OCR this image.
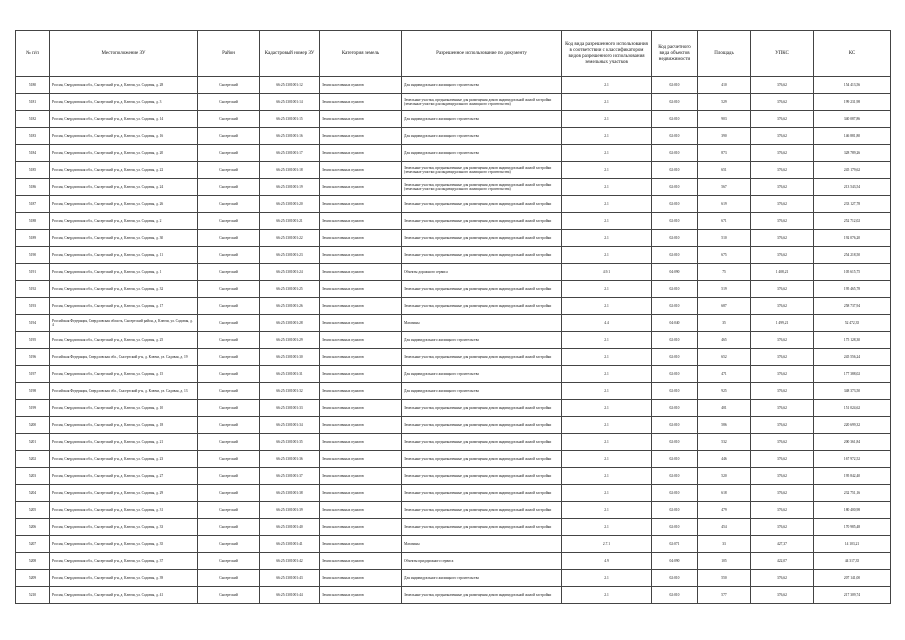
№ п/п	Местоположение ЗУ	Район	Кадастровый номер ЗУ	Категория земель	Разрешенное использование по документу	Код вида разрешенного использования в соответствии с классификатором видов разрешенного использования земельных участков	Код расчетного вида объектов недвижимости	Площадь	УПКС	КС
5180	Россия, Свердловская обл., Сысертский р-н, д. Ключи, ул. Садовая, д. 28	Сысертский	66:25:1301001:12	Земли населенных пунктов	Для индивидуального жилищного строительства	2.1	02:010	410	376,62	154 413,56
5181	Россия, Свердловская обл., Сысертский р-н, д. Ключи, ул. Садовая, д. 3	Сысертский	66:25:1301001:14	Земли населенных пунктов	Земельные участки, предназначенные для размещения домов индивидуальной жилой застройки (земельные участки для индивидуального жилищного строительства)	2.1	02:010	529	376,62	199 231,98
5182	Россия, Свердловская обл., Сысертский р-н, д. Ключи, ул. Садовая, д. 14	Сысертский	66:25:1301001:15	Земли населенных пунктов	Для индивидуального жилищного строительства	2.1	02:010	903	376,62	340 087,86
5183	Россия, Свердловская обл., Сысертский р-н, д. Ключи, ул. Садовая, д. 16	Сысертский	66:25:1301001:16	Земли населенных пунктов	Для индивидуального жилищного строительства	2.1	02:010	390	376,62	146 881,80
5184	Россия, Свердловская обл., Сысертский р-н, д. Ключи, ул. Садовая, д. 20	Сысертский	66:25:1301001:17	Земли населенных пунктов	Для индивидуального жилищного строительства	2.1	02:010	873	376,62	328 789,26
5185	Россия, Свердловская обл., Сысертский р-н, д. Ключи, ул. Садовая, д. 22	Сысертский	66:25:1301001:18	Земли населенных пунктов	Земельные участки, предназначенные для размещения домов индивидуальной жилой застройки (земельные участки для индивидуального жилищного строительства)	2.1	02:010	651	376,62	245 179,62
5186	Россия, Свердловская обл., Сысертский р-н, д. Ключи, ул. Садовая, д. 24	Сысертский	66:25:1301001:19	Земли населенных пунктов	Земельные участки, предназначенные для размещения домов индивидуальной жилой застройки (земельные участки для индивидуального жилищного строительства)	2.1	02:010	567	376,62	213 543,54
5187	Россия, Свердловская обл., Сысертский р-н, д. Ключи, ул. Садовая, д. 26	Сысертский	66:25:1301001:20	Земли населенных пунктов	Земельные участки, предназначенные для размещения домов индивидуальной жилой застройки	2.1	02:010	619	376,62	233 127,78
5188	Россия, Свердловская обл., Сысертский р-н, д. Ключи, ул. Садовая, д. 2	Сысертский	66:25:1301001:21	Земли населенных пунктов	Земельные участки, предназначенные для размещения домов индивидуальной жилой застройки	2.1	02:010	671	376,62	252 712,02
5189	Россия, Свердловская обл., Сысертский р-н, д. Ключи, ул. Садовая, д. 30	Сысертский	66:25:1301001:22	Земли населенных пунктов	Земельные участки, предназначенные для размещения домов индивидуальной жилой застройки	2.1	02:010	510	376,62	192 076,20
5190	Россия, Свердловская обл., Сысертский р-н, д. Ключи, ул. Садовая, д. 11	Сысертский	66:25:1301001:23	Земли населенных пунктов	Земельные участки, предназначенные для размещения домов индивидуальной жилой застройки	2.1	02:010	675	376,62	254 218,50
5191	Россия, Свердловская обл., Сысертский р-н, д. Ключи, ул. Садовая, д. 1	Сысертский	66:25:1301001:24	Земли населенных пунктов	Объекты дорожного сервиса	4.9.1	04:090	75	1 408,21	105 615,75
5192	Россия, Свердловская обл., Сысертский р-н, д. Ключи, ул. Садовая, д. 32	Сысертский	66:25:1301001:25	Земли населенных пунктов	Земельные участки, предназначенные для размещения домов индивидуальной жилой застройки	2.1	02:010	519	376,62	195 465,78
5193	Россия, Свердловская обл., Сысертский р-н, д. Ключи, ул. Садовая, д. 17	Сысертский	66:25:1301001:26	Земли населенных пунктов	Земельные участки, предназначенные для размещения домов индивидуальной жилой застройки	2.1	02:010	687	376,62	258 737,94
5194	Российская Федерация, Свердловская область, Сысертский район, д. Ключи, ул. Садовая, д. 4	Сысертский	66:25:1301001:28	Земли населенных пунктов	Магазины	4.4	04:040	35	1 499,21	52 472,35
5195	Россия, Свердловская обл., Сысертский р-н, д. Ключи, ул. Садовая, д. 25	Сысертский	66:25:1301001:29	Земли населенных пунктов	Для индивидуального жилищного строительства	2.1	02:010	465	376,62	175 128,30
5196	Российская Федерация, Свердловская обл., Сысертский р-н, д. Ключи, ул. Садовая, д. 19	Сысертский	66:25:1301001:30	Земли населенных пунктов	Земельные участки, предназначенные для размещения домов индивидуальной жилой застройки	2.1	02:010	652	376,62	245 556,24
5197	Россия, Свердловская обл., Сысертский р-н, д. Ключи, ул. Садовая, д. 15	Сысертский	66:25:1301001:31	Земли населенных пунктов	Для индивидуального жилищного строительства	2.1	02:010	471	376,62	177 388,02
5198	Российская Федерация, Свердловская обл., Сысертский р-н, д. Ключи, ул. Садовая, д. 13	Сысертский	66:25:1301001:32	Земли населенных пунктов	Для индивидуального жилищного строительства	2.1	02:010	925	376,62	348 373,50
5199	Россия, Свердловская обл., Сысертский р-н, д. Ключи, ул. Садовая, д. 10	Сысертский	66:25:1301001:33	Земли населенных пунктов	Земельные участки, предназначенные для размещения домов индивидуальной жилой застройки	2.1	02:010	401	376,62	151 024,62
5200	Россия, Свердловская обл., Сысертский р-н, д. Ключи, ул. Садовая, д. 18	Сысертский	66:25:1301001:34	Земли населенных пунктов	Земельные участки, предназначенные для размещения домов индивидуальной жилой застройки	2.1	02:010	586	376,62	220 699,32
5201	Россия, Свердловская обл., Сысертский р-н, д. Ключи, ул. Садовая, д. 21	Сысертский	66:25:1301001:35	Земли населенных пунктов	Земельные участки, предназначенные для размещения домов индивидуальной жилой застройки	2.1	02:010	532	376,62	200 361,84
5202	Россия, Свердловская обл., Сысертский р-н, д. Ключи, ул. Садовая, д. 23	Сысертский	66:25:1301001:36	Земли населенных пунктов	Земельные участки, предназначенные для размещения домов индивидуальной жилой застройки	2.1	02:010	446	376,62	167 972,52
5203	Россия, Свердловская обл., Сысертский р-н, д. Ключи, ул. Садовая, д. 27	Сысертский	66:25:1301001:37	Земли населенных пунктов	Земельные участки, предназначенные для размещения домов индивидуальной жилой застройки	2.1	02:010	520	376,62	195 842,40
5204	Россия, Свердловская обл., Сысертский р-н, д. Ключи, ул. Садовая, д. 29	Сысертский	66:25:1301001:38	Земли населенных пунктов	Земельные участки, предназначенные для размещения домов индивидуальной жилой застройки	2.1	02:010	618	376,62	232 751,16
5205	Россия, Свердловская обл., Сысертский р-н, д. Ключи, ул. Садовая, д. 31	Сысертский	66:25:1301001:39	Земли населенных пунктов	Земельные участки, предназначенные для размещения домов индивидуальной жилой застройки	2.1	02:010	479	376,62	180 400,98
5206	Россия, Свердловская обл., Сысертский р-н, д. Ключи, ул. Садовая, д. 33	Сысертский	66:25:1301001:40	Земли населенных пунктов	Земельные участки, предназначенные для размещения домов индивидуальной жилой застройки	2.1	02:010	454	376,62	170 985,48
5207	Россия, Свердловская обл., Сысертский р-н, д. Ключи, ул. Садовая, д. 35	Сысертский	66:25:1301001:41	Земли населенных пунктов	Магазины	2.7.1	02:071	33	427,37	14 103,21
5208	Россия, Свердловская обл., Сысертский р-н, д. Ключи, ул. Садовая, д. 37	Сысертский	66:25:1301001:42	Земли населенных пунктов	Объекты придорожного сервиса	4.9	04:090	105	422,07	44 317,35
5209	Россия, Свердловская обл., Сысертский р-н, д. Ключи, ул. Садовая, д. 39	Сысертский	66:25:1301001:43	Земли населенных пунктов	Для индивидуального жилищного строительства	2.1	02:010	550	376,62	207 141,00
5210	Россия, Свердловская обл., Сысертский р-н, д. Ключи, ул. Садовая, д. 41	Сысертский	66:25:1301001:44	Земли населенных пунктов	Земельные участки, предназначенные для размещения домов индивидуальной жилой застройки	2.1	02:010	577	376,62	217 309,74
